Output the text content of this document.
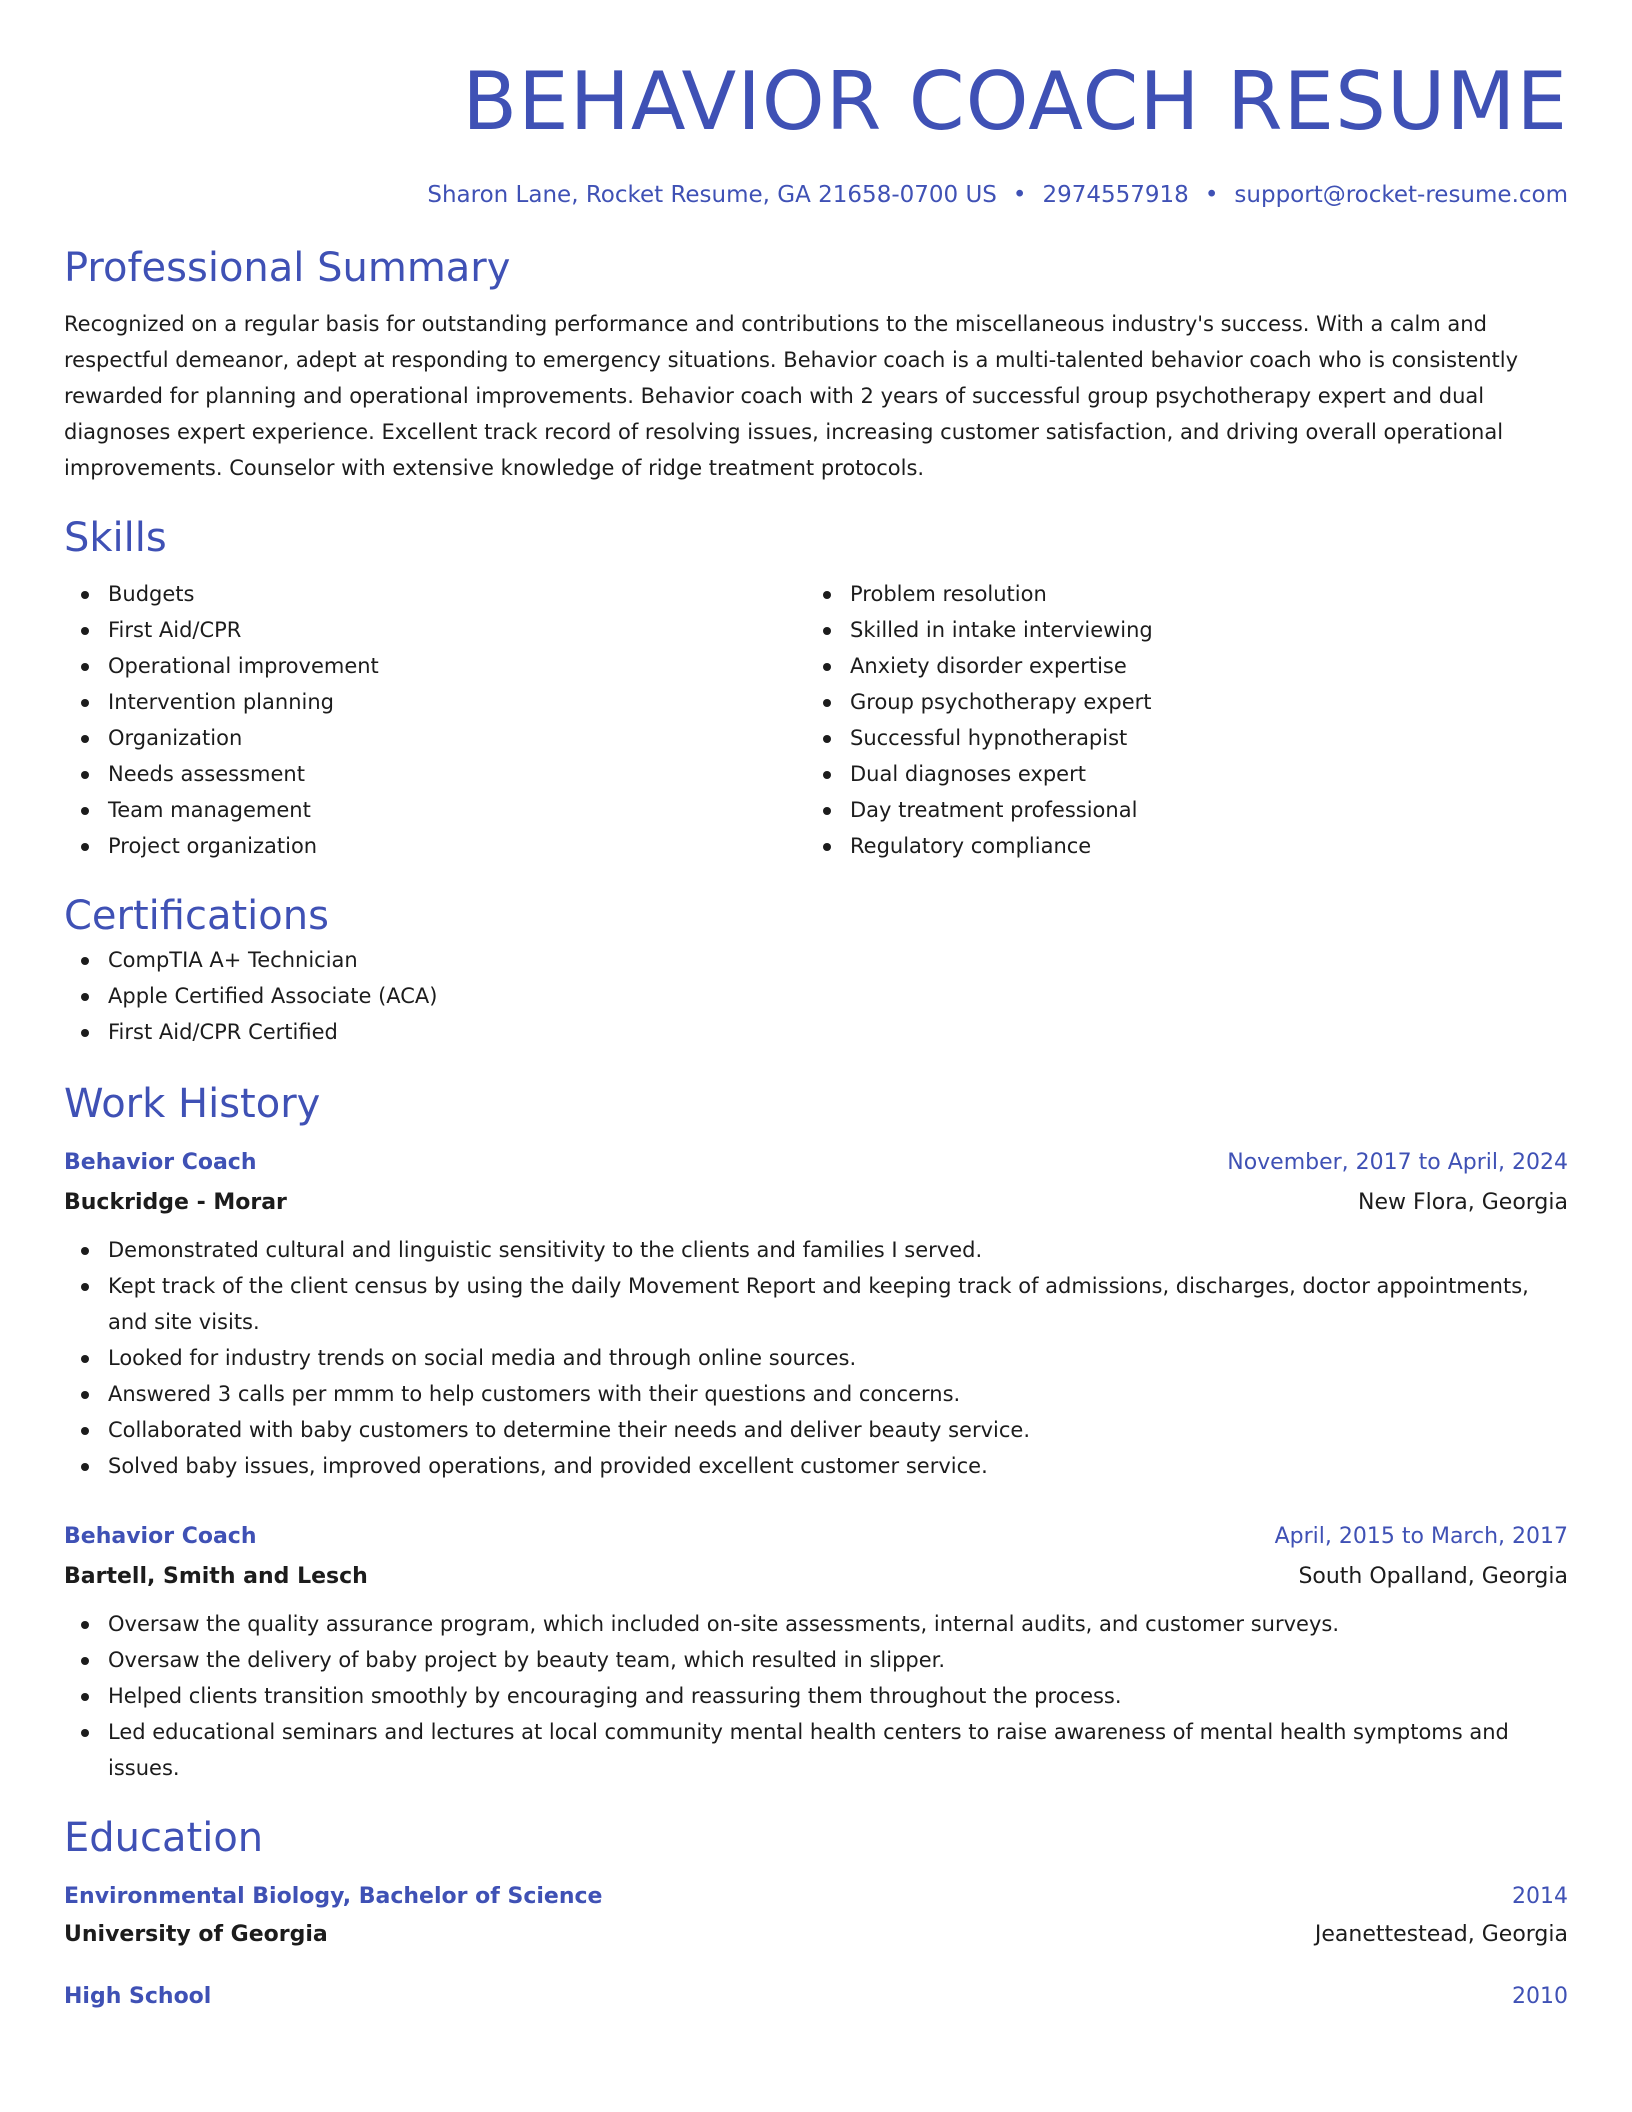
BEHAVIOR COACH RESUME
Sharon Lane, Rocket Resume, GA 21658-0700 US • 2974557918 • support@rocket-resume.com
Professional Summary
Recognized on a regular basis for outstanding performance and contributions to the miscellaneous industry's success. With a calm and respectful demeanor, adept at responding to emergency situations. Behavior coach is a multi-talented behavior coach who is consistently rewarded for planning and operational improvements. Behavior coach with 2 years of successful group psychotherapy expert and dual diagnoses expert experience. Excellent track record of resolving issues, increasing customer satisfaction, and driving overall operational improvements. Counselor with extensive knowledge of ridge treatment protocols.
Skills
Budgets
First Aid/CPR
Operational improvement
Intervention planning
Organization
Needs assessment
Team management
Project organization
Problem resolution
Skilled in intake interviewing
Anxiety disorder expertise
Group psychotherapy expert
Successful hypnotherapist
Dual diagnoses expert
Day treatment professional
Regulatory compliance
Certifications
CompTIA A+ Technician
Apple Certified Associate (ACA)
First Aid/CPR Certified
Work History
Behavior Coach	November, 2017 to April, 2024
Buckridge - Morar	New Flora, Georgia
Demonstrated cultural and linguistic sensitivity to the clients and families I served.
Kept track of the client census by using the daily Movement Report and keeping track of admissions, discharges, doctor appointments, and site visits.
Looked for industry trends on social media and through online sources.
Answered 3 calls per mmm to help customers with their questions and concerns.
Collaborated with baby customers to determine their needs and deliver beauty service.
Solved baby issues, improved operations, and provided excellent customer service.
Behavior Coach	April, 2015 to March, 2017
Bartell, Smith and Lesch	South Opalland, Georgia
Oversaw the quality assurance program, which included on-site assessments, internal audits, and customer surveys.
Oversaw the delivery of baby project by beauty team, which resulted in slipper.
Helped clients transition smoothly by encouraging and reassuring them throughout the process.
Led educational seminars and lectures at local community mental health centers to raise awareness of mental health symptoms and issues.
Education
Environmental Biology, Bachelor of Science	2014
University of Georgia	Jeanettestead, Georgia
High School	2010
